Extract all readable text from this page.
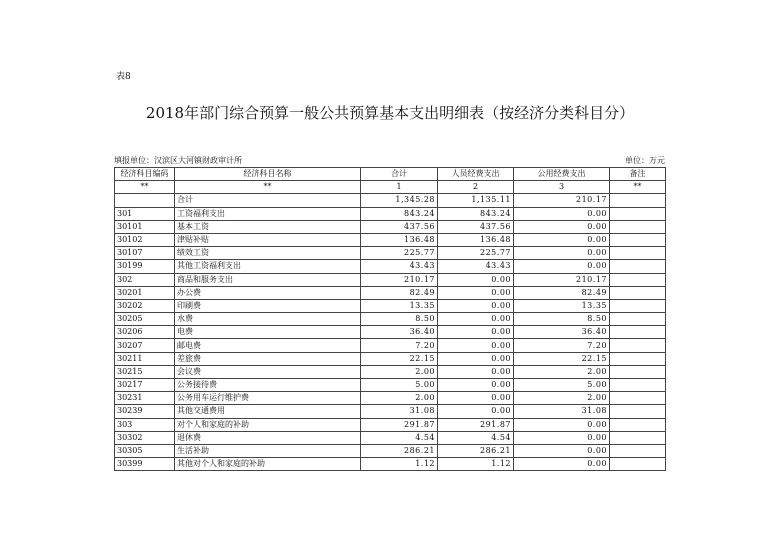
表8
2018年部门综合预算一般公共预算基本支出明细表（按经济分类科目分）
填报单位：汉滨区大河镇财政审计所	单位：万元
经济科目编码	经济科目名称	合计	人员经费支出	公用经费支出	备注
**	**	1	2	3	**
	合计	1,345.28	1,135.11	210.17	
301	工资福利支出	843.24	843.24	0.00	
30101	基本工资	437.56	437.56	0.00	
30102	津贴补贴	136.48	136.48	0.00	
30107	绩效工资	225.77	225.77	0.00	
30199	其他工资福利支出	43.43	43.43	0.00	
302	商品和服务支出	210.17	0.00	210.17	
30201	办公费	82.49	0.00	82.49	
30202	印刷费	13.35	0.00	13.35	
30205	水费	8.50	0.00	8.50	
30206	电费	36.40	0.00	36.40	
30207	邮电费	7.20	0.00	7.20	
30211	差旅费	22.15	0.00	22.15	
30215	会议费	2.00	0.00	2.00	
30217	公务接待费	5.00	0.00	5.00	
30231	公务用车运行维护费	2.00	0.00	2.00	
30239	其他交通费用	31.08	0.00	31.08	
303	对个人和家庭的补助	291.87	291.87	0.00	
30302	退休费	4.54	4.54	0.00	
30305	生活补助	286.21	286.21	0.00	
30399	其他对个人和家庭的补助	1.12	1.12	0.00	
